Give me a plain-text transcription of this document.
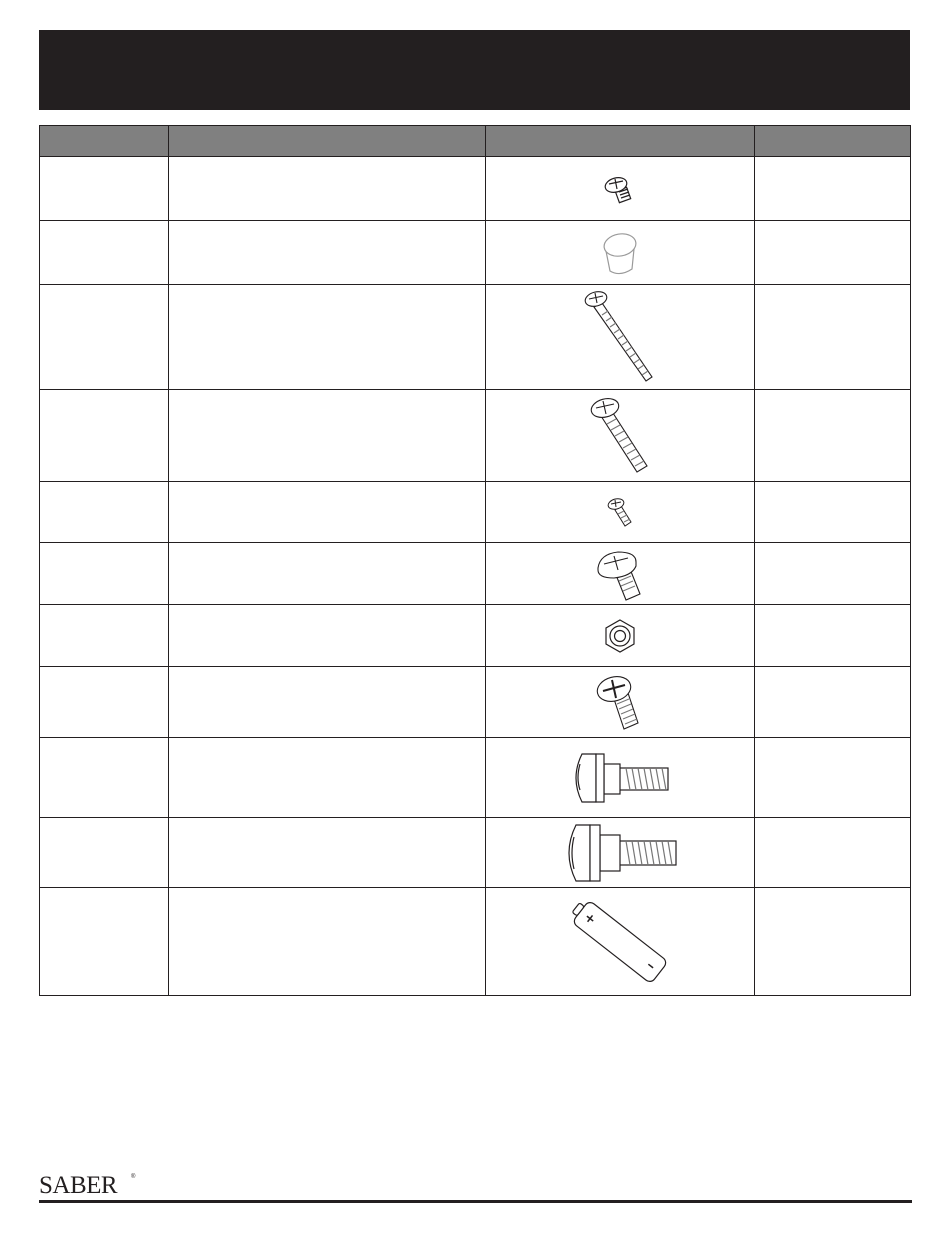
SABER ®
